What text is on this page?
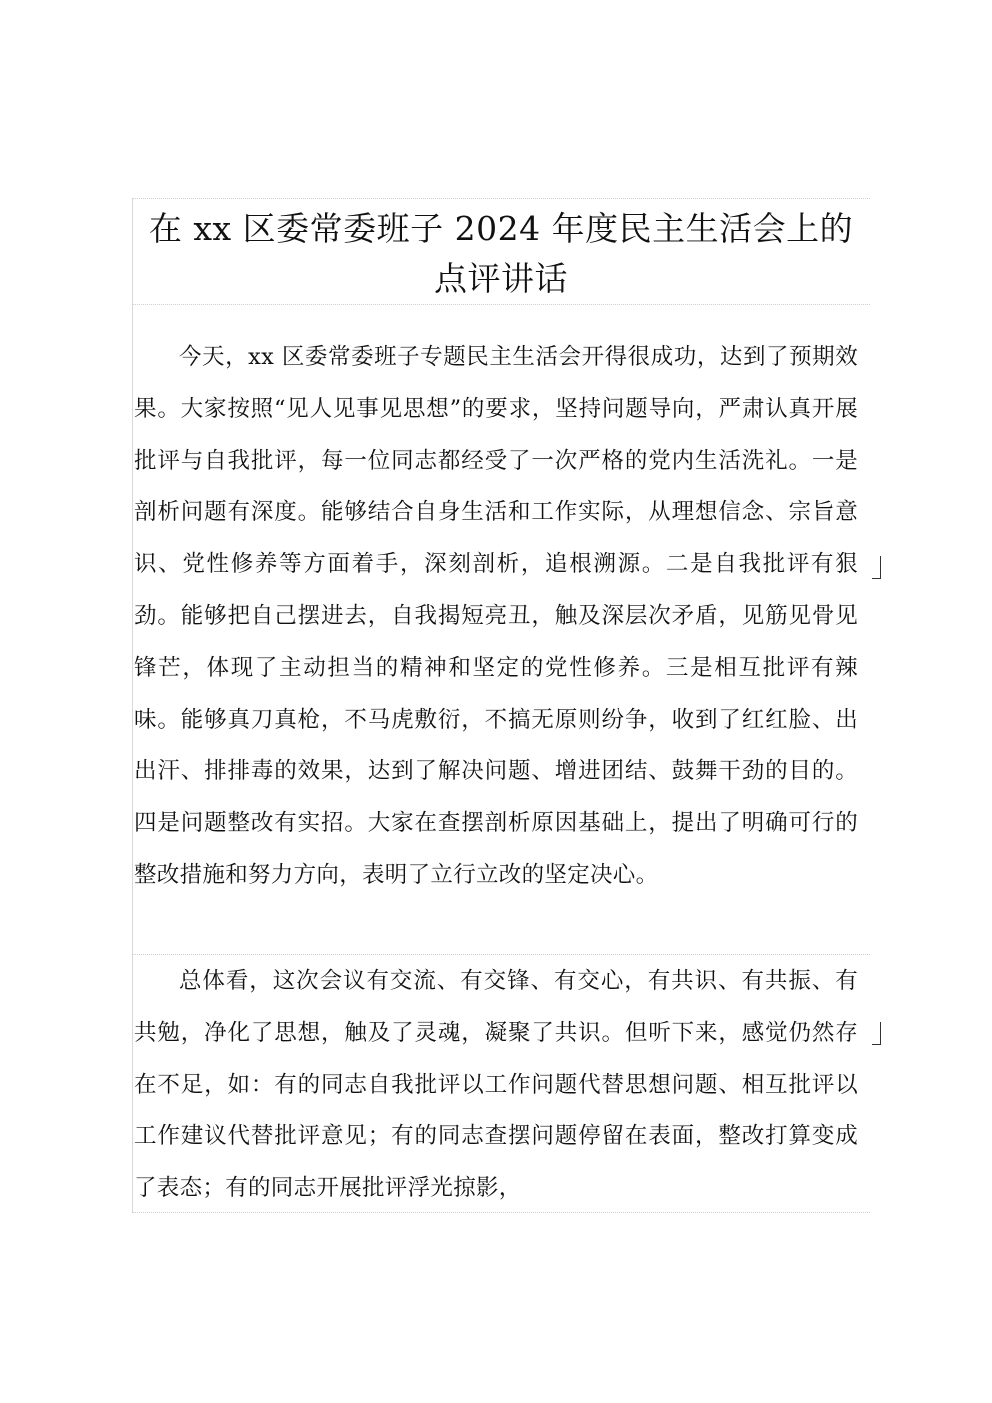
在 xx 区委常委班子 2024 年度民主生活会上的点评讲话

今天，xx 区委常委班子专题民主生活会开得很成功，达到了预期效果。大家按照“见人见事见思想”的要求，坚持问题导向，严肃认真开展批评与自我批评，每一位同志都经受了一次严格的党内生活洗礼。一是剖析问题有深度。能够结合自身生活和工作实际，从理想信念、宗旨意识、党性修养等方面着手，深刻剖析，追根溯源。二是自我批评有狠劲。能够把自己摆进去，自我揭短亮丑，触及深层次矛盾，见筋见骨见锋芒，体现了主动担当的精神和坚定的党性修养。三是相互批评有辣味。能够真刀真枪，不马虎敷衍，不搞无原则纷争，收到了红红脸、出出汗、排排毒的效果，达到了解决问题、增进团结、鼓舞干劲的目的。四是问题整改有实招。大家在查摆剖析原因基础上，提出了明确可行的整改措施和努力方向，表明了立行立改的坚定决心。

总体看，这次会议有交流、有交锋、有交心，有共识、有共振、有共勉，净化了思想，触及了灵魂，凝聚了共识。但听下来，感觉仍然存在不足，如：有的同志自我批评以工作问题代替思想问题、相互批评以工作建议代替批评意见；有的同志查摆问题停留在表面，整改打算变成了表态；有的同志开展批评浮光掠影，
